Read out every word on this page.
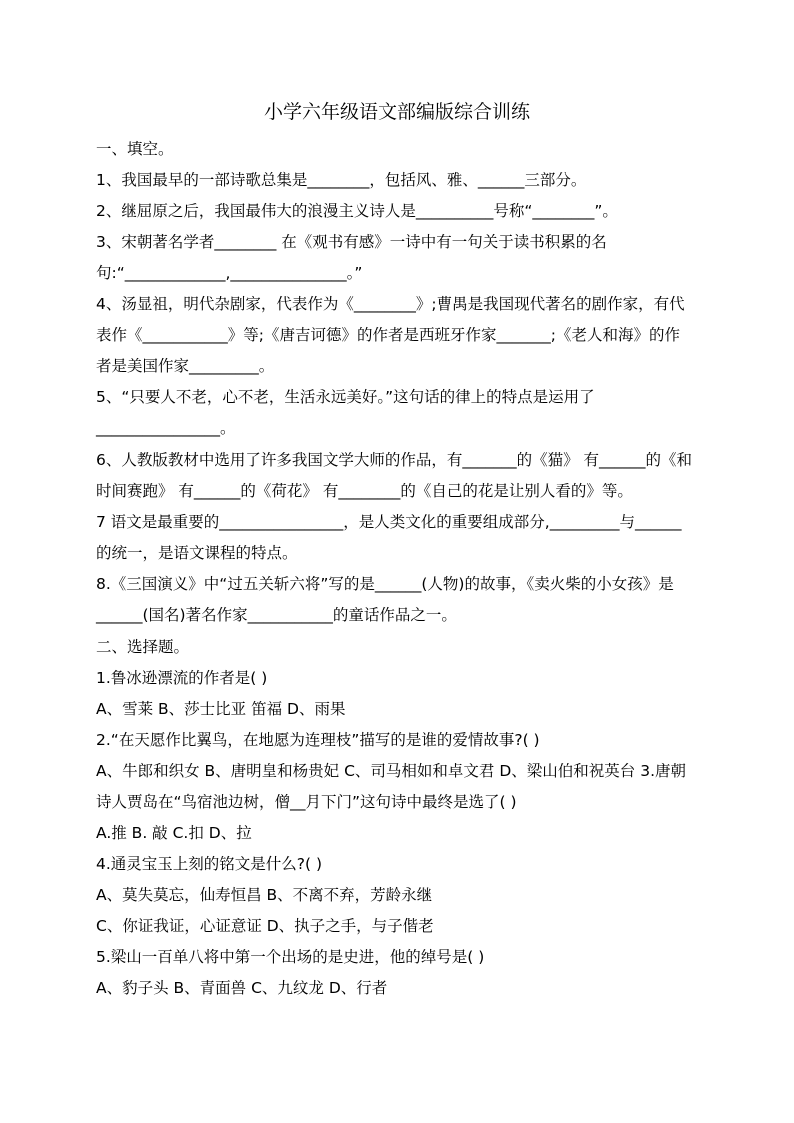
小学六年级语文部编版综合训练
一、填空。
1、我国最早的一部诗歌总集是________，包括风、雅、______三部分。
2、继屈原之后，我国最伟大的浪漫主义诗人是__________号称“________”。
3、宋朝著名学者________ 在《观书有感》一诗中有一句关于读书积累的名
句:“_____________,_______________。”
4、汤显祖，明代杂剧家，代表作为《________》;曹禺是我国现代著名的剧作家，有代
表作《___________》等;《唐吉诃德》的作者是西班牙作家_______;《老人和海》的作
者是美国作家_________。
5、“只要人不老，心不老，生活永远美好。”这句话的律上的特点是运用了
________________。
6、人教版教材中选用了许多我国文学大师的作品，有_______的《猫》 有______的《和
时间赛跑》 有______的《荷花》 有________的《自己的花是让别人看的》等。
7 语文是最重要的________________，是人类文化的重要组成部分,_________与______
的统一，是语文课程的特点。
8.《三国演义》中“过五关斩六将”写的是______(人物)的故事，《卖火柴的小女孩》是
______(国名)著名作家___________的童话作品之一。
二、选择题。
1.鲁冰逊漂流的作者是( )
A、雪莱 B、莎士比亚 笛福 D、雨果
2.“在天愿作比翼鸟，在地愿为连理枝”描写的是谁的爱情故事?( )
A、牛郎和织女 B、唐明皇和杨贵妃 C、司马相如和卓文君 D、梁山伯和祝英台 3.唐朝
诗人贾岛在“鸟宿池边树，僧__月下门”这句诗中最终是选了( )
A.推 B. 敲 C.扣 D、拉
4.通灵宝玉上刻的铭文是什么?( )
A、莫失莫忘，仙寿恒昌 B、不离不弃，芳龄永继
C、你证我证，心证意证 D、执子之手，与子偕老
5.梁山一百单八将中第一个出场的是史进，他的绰号是( )
A、豹子头 B、青面兽 C、九纹龙 D、行者
